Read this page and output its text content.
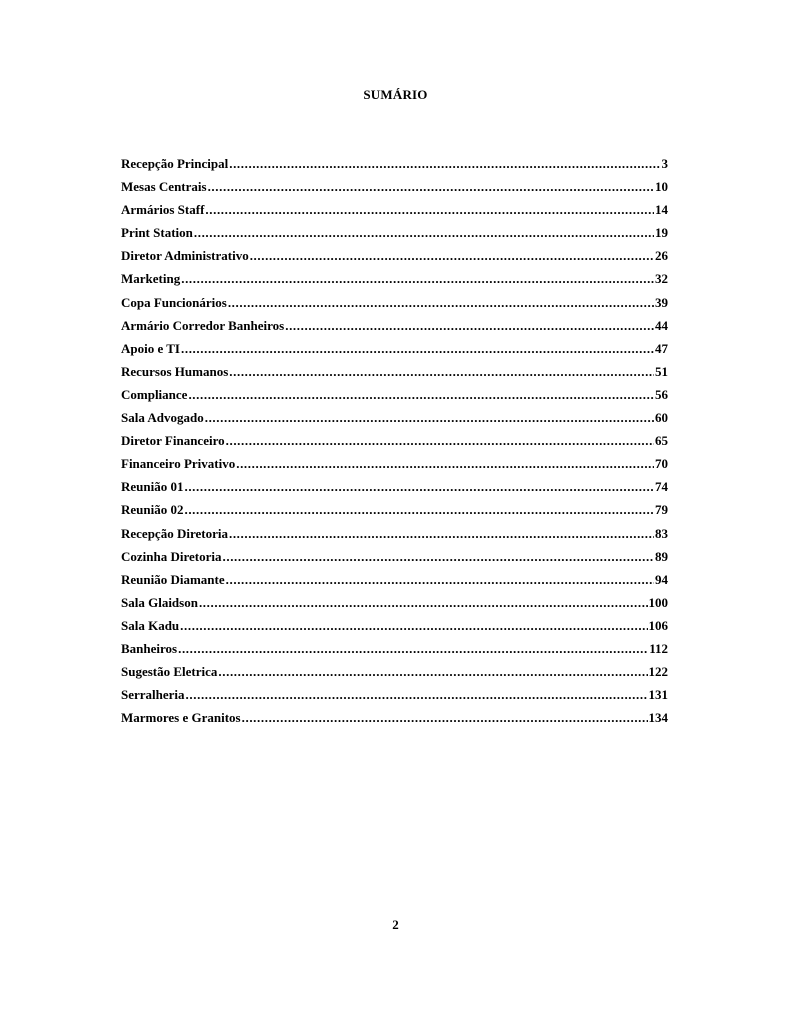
SUMÁRIO
Recepção Principal .....	3
Mesas Centrais .....	10
Armários Staff .....	14
Print Station .....	19
Diretor Administrativo .....	26
Marketing .....	32
Copa Funcionários .....	39
Armário Corredor Banheiros .....	44
Apoio e TI .....	47
Recursos Humanos .....	51
Compliance .....	56
Sala Advogado .....	60
Diretor Financeiro .....	65
Financeiro Privativo .....	70
Reunião 01 .....	74
Reunião 02 .....	79
Recepção Diretoria .....	83
Cozinha Diretoria .....	89
Reunião Diamante .....	94
Sala Glaidson .....	100
Sala Kadu .....	106
Banheiros .....	112
Sugestão Eletrica .....	122
Serralheria .....	131
Marmores e Granitos .....	134
2
